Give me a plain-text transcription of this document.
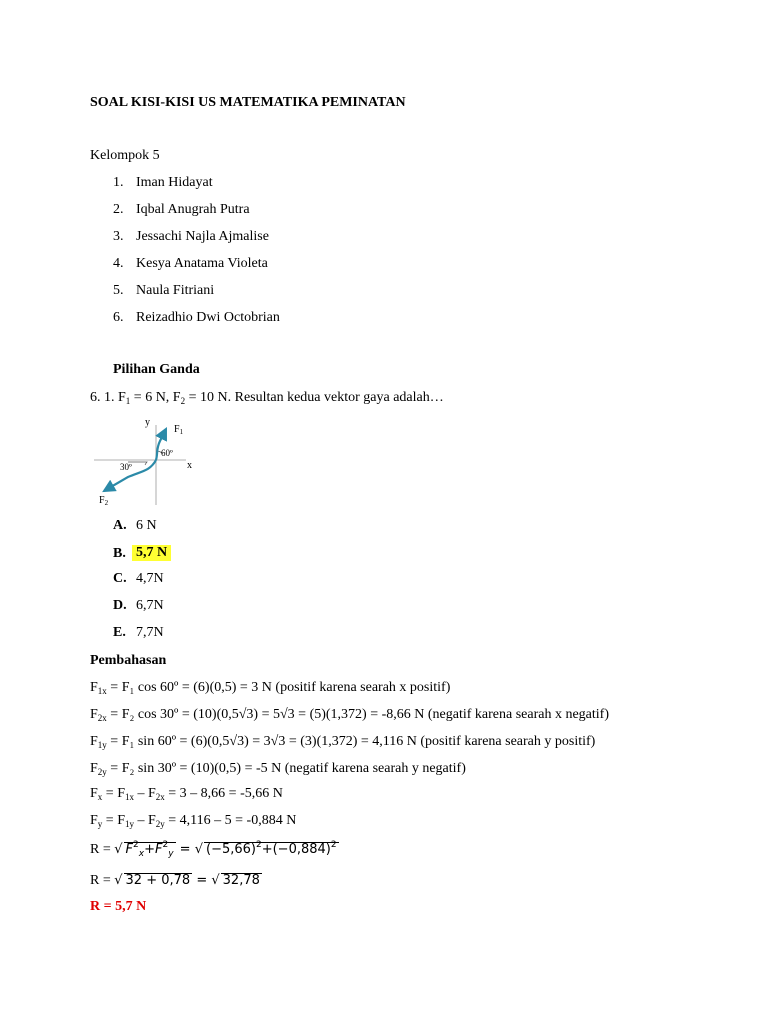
SOAL KISI-KISI US MATEMATIKA PEMINATAN
Kelompok 5
1. Iman Hidayat
2. Iqbal Anugrah Putra
3. Jessachi Najla Ajmalise
4. Kesya Anatama Violeta
5. Naula Fitriani
6. Reizadhio Dwi Octobrian
Pilihan Ganda
6. 1. $F_1 = 6$ N, $F_2 = 10$ N. Resultan kedua vektor gaya adalah…
y
x
$F_1$
$F_2$
60º
30º
A. 6 N
B. 5,7 N
C. 4,7N
D. 6,7N
E. 7,7N
Pembahasan
$F_{1x} = F_1$ cos 60º = (6)(0,5) = 3 N (positif karena searah x positif)
$F_{2x} = F_2$ cos 30º = (10)(0,5√3) = 5√3 = (5)(1,372) = -8,66 N (negatif karena searah x negatif)
$F_{1y} = F_1$ sin 60º = (6)(0,5√3) = 3√3 = (3)(1,372) = 4,116 N (positif karena searah y positif)
$F_{2y} = F_2$ sin 30º = (10)(0,5) = -5 N (negatif karena searah y negatif)
$F_x = F_{1x} - F_{2x} = 3 - 8,66 = -5,66$ N
$F_y = F_{1y} - F_{2y} = 4,116 - 5 = -0,884$ N
R = √ $F^2_x+F^2_y$ = √ $(-5,66)^2+(-0,884)^2$
R = √ 32 + 0,78 = √ 32,78
R = 5,7 N
